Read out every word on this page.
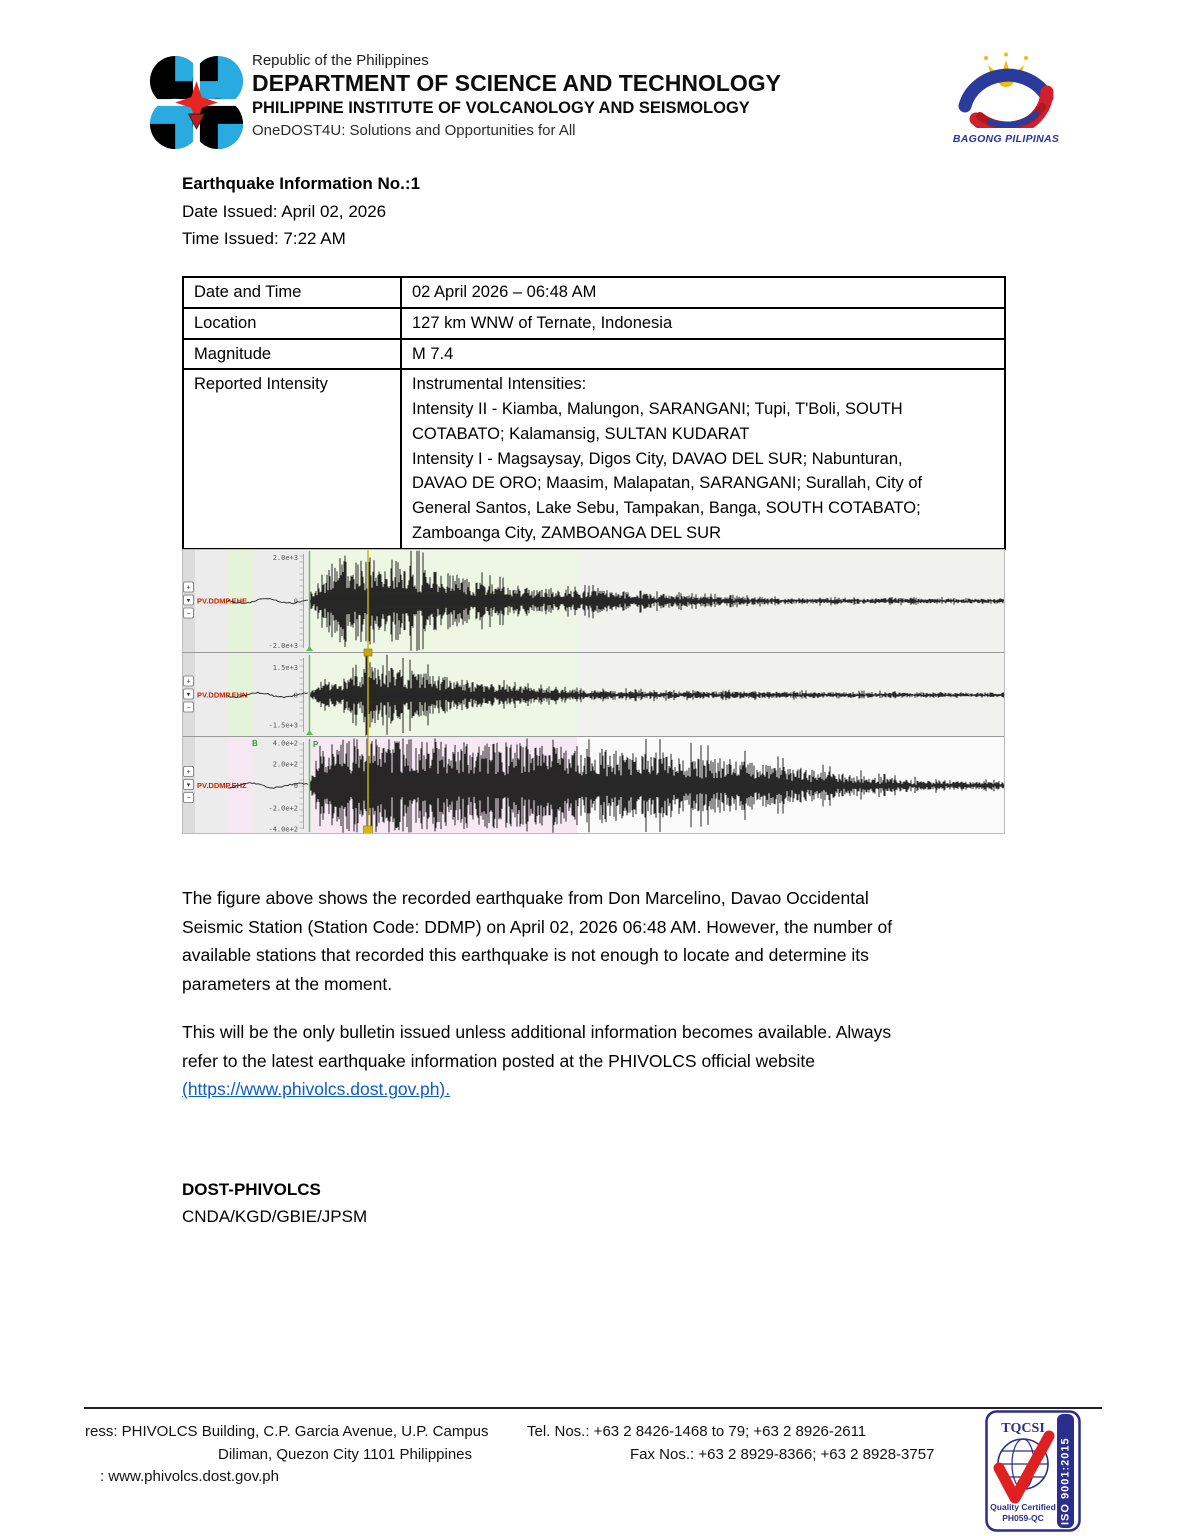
Republic of the Philippines
DEPARTMENT OF SCIENCE AND TECHNOLOGY
PHILIPPINE INSTITUTE OF VOLCANOLOGY AND SEISMOLOGY
OneDOST4U: Solutions and Opportunities for All	BAGONG PILIPINAS
Earthquake Information No.:1
Date Issued: April 02, 2026
Time Issued: 7:22 AM
Date and Time	02 April 2026 – 06:48 AM
Location	127 km WNW of Ternate, Indonesia
Magnitude	M 7.4
Reported Intensity	Instrumental Intensities:
Intensity II - Kiamba, Malungon, SARANGANI; Tupi, T'Boli, SOUTH
COTABATO; Kalamansig, SULTAN KUDARAT
Intensity I - Magsaysay, Digos City, DAVAO DEL SUR; Nabunturan,
DAVAO DE ORO; Maasim, Malapatan, SARANGANI; Surallah, City of
General Santos, Lake Sebu, Tampakan, Banga, SOUTH COTABATO;
Zamboanga City, ZAMBOANGA DEL SUR
2.0e+3
0
-2.0e+3
+
▾
−
PV.DDMP.EHE
1.5e+3
0
-1.5e+3
+
▾
−
PV.DDMP.EHN
4.0e+2
2.0e+2
0
-2.0e+2
-4.0e+2
+
▾
−
PV.DDMP.EHZ
P
B
The figure above shows the recorded earthquake from Don Marcelino, Davao Occidental
Seismic Station (Station Code: DDMP) on April 02, 2026 06:48 AM. However, the number of
available stations that recorded this earthquake is not enough to locate and determine its
parameters at the moment.
This will be the only bulletin issued unless additional information becomes available. Always
refer to the latest earthquake information posted at the PHIVOLCS official website
(https://www.phivolcs.dost.gov.ph).
DOST-PHIVOLCS
CNDA/KGD/GBIE/JPSM
ress: PHIVOLCS Building, C.P. Garcia Avenue, U.P. Campus
Diliman, Quezon City 1101 Philippines
: www.phivolcs.dost.gov.ph
Tel. Nos.: +63 2 8426-1468 to 79; +63 2 8926-2611
Fax Nos.: +63 2 8929-8366; +63 2 8928-3757	ISO 9001:2015
TQCSI
Quality Certified
PH059-QC
